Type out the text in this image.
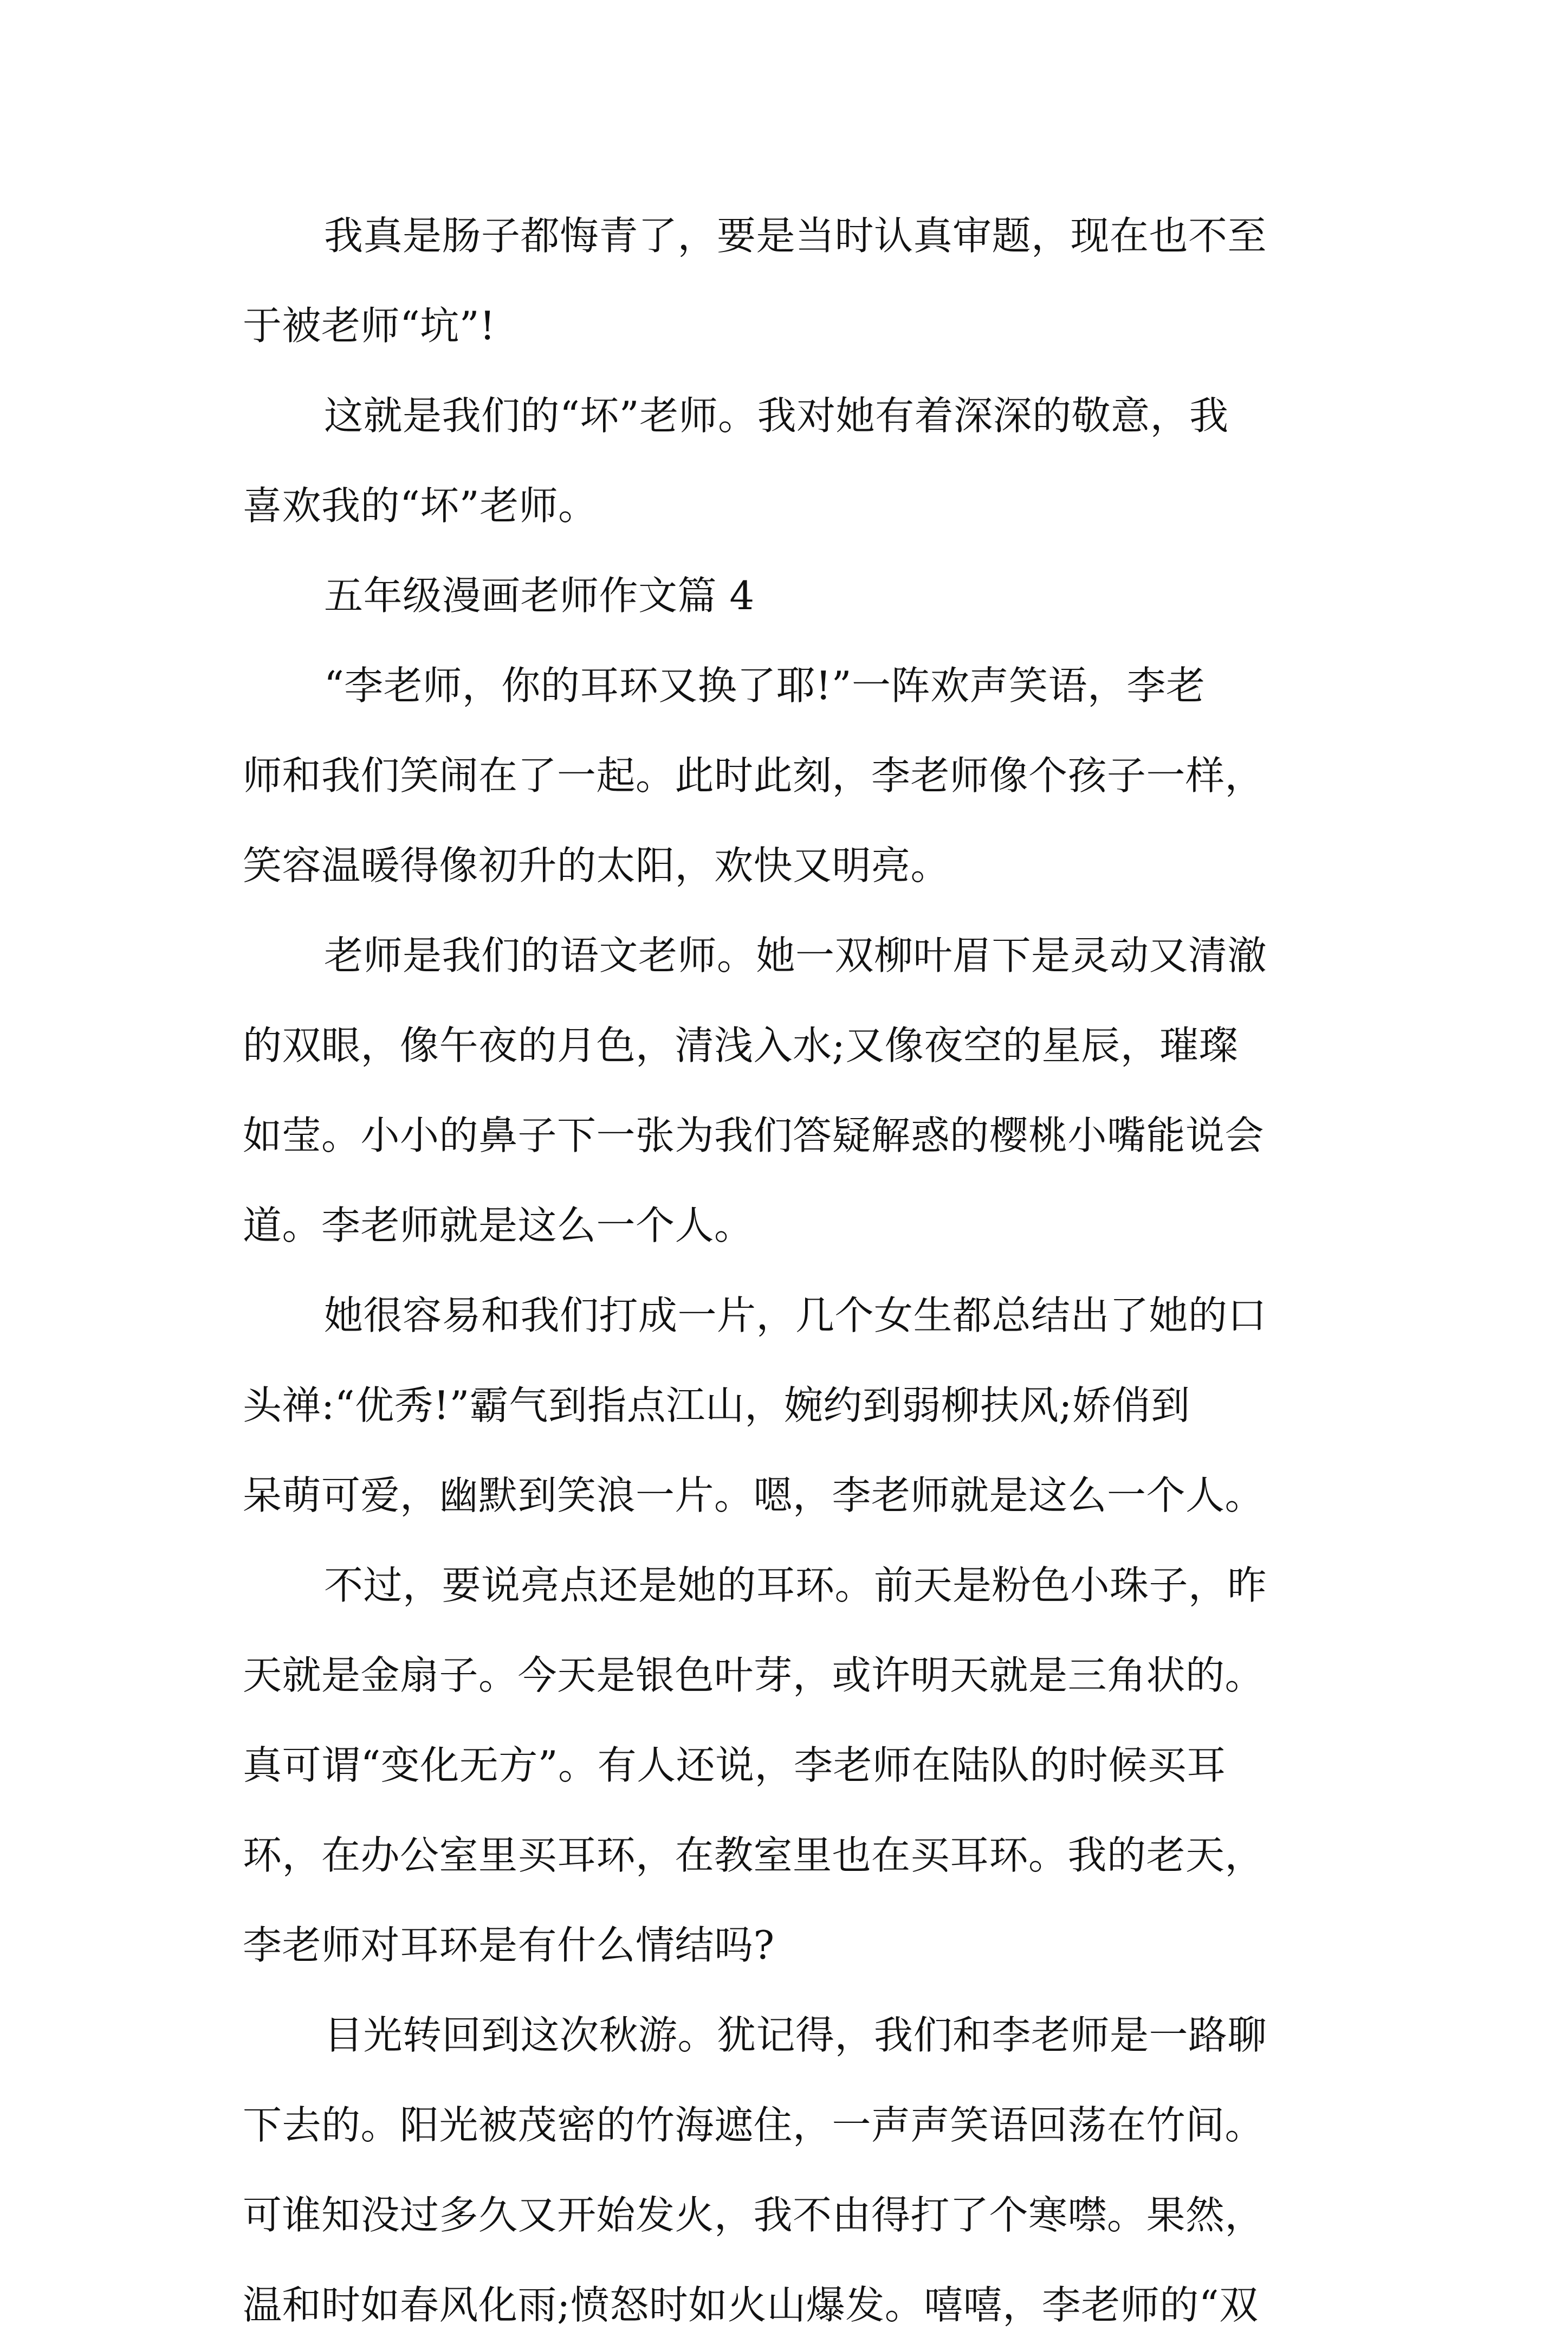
我真是肠子都悔青了，要是当时认真审题，现在也不至
于被老师“坑”!
这就是我们的“坏”老师。我对她有着深深的敬意，我
喜欢我的“坏”老师。
五年级漫画老师作文篇 4
“李老师，你的耳环又换了耶!”一阵欢声笑语，李老
师和我们笑闹在了一起。此时此刻，李老师像个孩子一样，
笑容温暖得像初升的太阳，欢快又明亮。
老师是我们的语文老师。她一双柳叶眉下是灵动又清澈
的双眼，像午夜的月色，清浅入水;又像夜空的星辰，璀璨
如莹。小小的鼻子下一张为我们答疑解惑的樱桃小嘴能说会
道。李老师就是这么一个人。
她很容易和我们打成一片，几个女生都总结出了她的口
头禅:“优秀!”霸气到指点江山，婉约到弱柳扶风;娇俏到
呆萌可爱，幽默到笑浪一片。嗯，李老师就是这么一个人。
不过，要说亮点还是她的耳环。前天是粉色小珠子，昨
天就是金扇子。今天是银色叶芽，或许明天就是三角状的。
真可谓“变化无方”。有人还说，李老师在陆队的时候买耳
环，在办公室里买耳环，在教室里也在买耳环。我的老天，
李老师对耳环是有什么情结吗?
目光转回到这次秋游。犹记得，我们和李老师是一路聊
下去的。阳光被茂密的竹海遮住，一声声笑语回荡在竹间。
可谁知没过多久又开始发火，我不由得打了个寒噤。果然，
温和时如春风化雨;愤怒时如火山爆发。嘻嘻，李老师的“双
